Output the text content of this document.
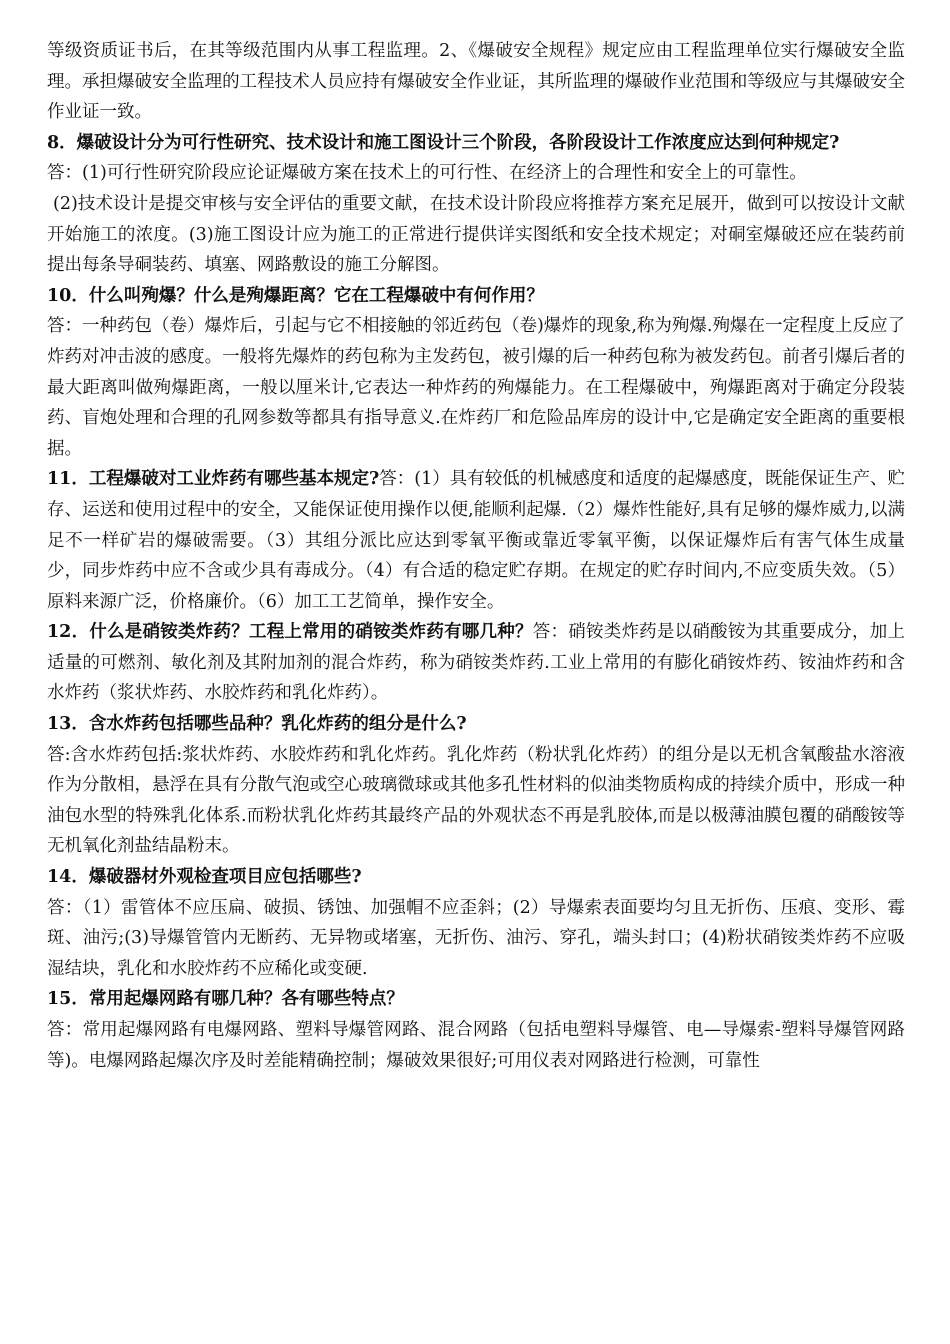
等级资质证书后，在其等级范围内从事工程监理。2、《爆破安全规程》规定应由工程监理单位实行爆破安全监理。承担爆破安全监理的工程技术人员应持有爆破安全作业证，其所监理的爆破作业范围和等级应与其爆破安全作业证一致。

8．爆破设计分为可行性研究、技术设计和施工图设计三个阶段，各阶段设计工作浓度应达到何种规定?

答：(1)可行性研究阶段应论证爆破方案在技术上的可行性、在经济上的合理性和安全上的可靠性。

(2)技术设计是提交审核与安全评估的重要文献，在技术设计阶段应将推荐方案充足展开，做到可以按设计文献开始施工的浓度。(3)施工图设计应为施工的正常进行提供详实图纸和安全技术规定；对硐室爆破还应在装药前提出每条导硐装药、填塞、网路敷设的施工分解图。

10．什么叫殉爆？什么是殉爆距离？它在工程爆破中有何作用？

答：一种药包（卷）爆炸后，引起与它不相接触的邻近药包（卷)爆炸的现象,称为殉爆.殉爆在一定程度上反应了炸药对冲击波的感度。一般将先爆炸的药包称为主发药包，被引爆的后一种药包称为被发药包。前者引爆后者的最大距离叫做殉爆距离，一般以厘米计,它表达一种炸药的殉爆能力。在工程爆破中，殉爆距离对于确定分段装药、盲炮处理和合理的孔网参数等都具有指导意义.在炸药厂和危险品库房的设计中,它是确定安全距离的重要根据。

11．工程爆破对工业炸药有哪些基本规定?答：(1）具有较低的机械感度和适度的起爆感度，既能保证生产、贮存、运送和使用过程中的安全，又能保证使用操作以便,能顺利起爆.（2）爆炸性能好,具有足够的爆炸威力,以满足不一样矿岩的爆破需要。（3）其组分派比应达到零氧平衡或靠近零氧平衡，以保证爆炸后有害气体生成量少，同步炸药中应不含或少具有毒成分。（4）有合适的稳定贮存期。在规定的贮存时间内,不应变质失效。（5）原料来源广泛，价格廉价。（6）加工工艺简单，操作安全。

12．什么是硝铵类炸药？工程上常用的硝铵类炸药有哪几种？答：硝铵类炸药是以硝酸铵为其重要成分，加上适量的可燃剂、敏化剂及其附加剂的混合炸药，称为硝铵类炸药.工业上常用的有膨化硝铵炸药、铵油炸药和含水炸药（浆状炸药、水胶炸药和乳化炸药）。

13．含水炸药包括哪些品种？乳化炸药的组分是什么?

答:含水炸药包括:浆状炸药、水胶炸药和乳化炸药。乳化炸药（粉状乳化炸药）的组分是以无机含氧酸盐水溶液作为分散相，悬浮在具有分散气泡或空心玻璃微球或其他多孔性材料的似油类物质构成的持续介质中，形成一种油包水型的特殊乳化体系.而粉状乳化炸药其最终产品的外观状态不再是乳胶体,而是以极薄油膜包覆的硝酸铵等无机氧化剂盐结晶粉末。

14．爆破器材外观检查项目应包括哪些?

答：（1）雷管体不应压扁、破损、锈蚀、加强帽不应歪斜；(2）导爆索表面要均匀且无折伤、压痕、变形、霉斑、油污;(3)导爆管管内无断药、无异物或堵塞，无折伤、油污、穿孔，端头封口；(4)粉状硝铵类炸药不应吸湿结块，乳化和水胶炸药不应稀化或变硬.

15．常用起爆网路有哪几种？各有哪些特点？

答：常用起爆网路有电爆网路、塑料导爆管网路、混合网路（包括电塑料导爆管、电—导爆索-塑料导爆管网路等)。电爆网路起爆次序及时差能精确控制；爆破效果很好;可用仪表对网路进行检测，可靠性
